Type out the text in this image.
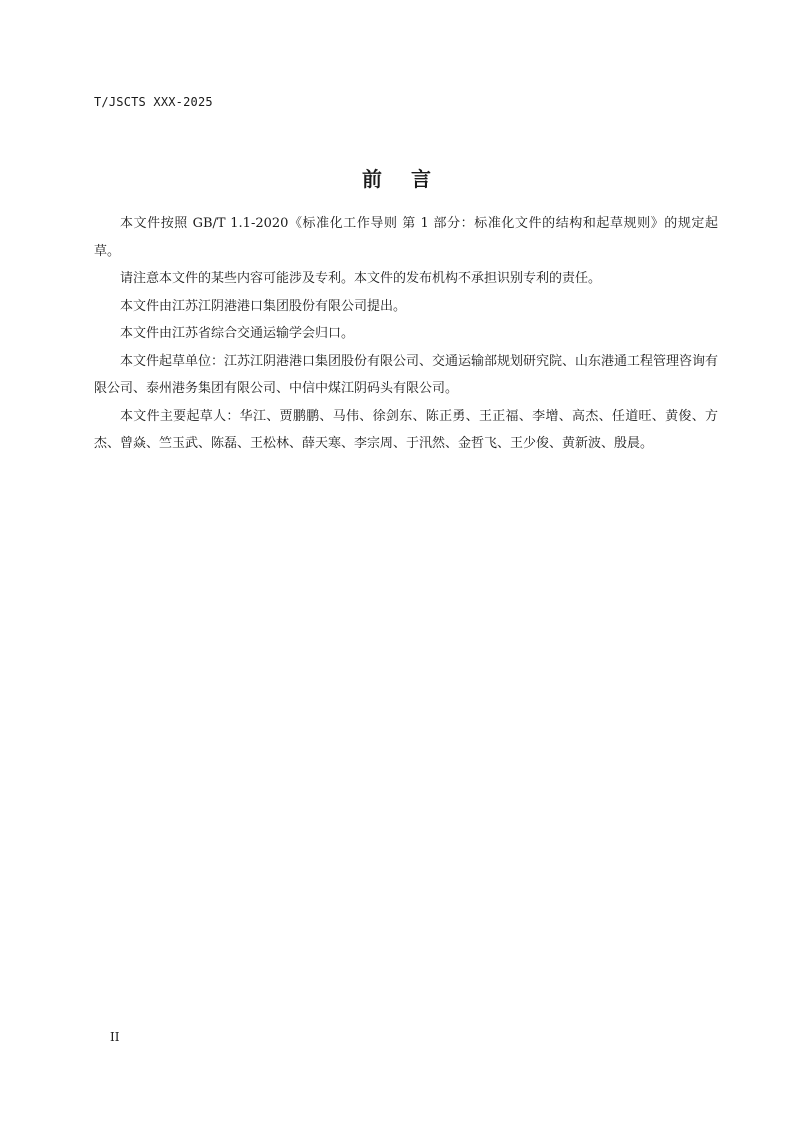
T/JSCTS XXX-2025
前 言

本文件按照 GB/T 1.1-2020《标准化工作导则 第 1 部分：标准化文件的结构和起草规则》的规定起草。

请注意本文件的某些内容可能涉及专利。本文件的发布机构不承担识别专利的责任。

本文件由江苏江阴港港口集团股份有限公司提出。

本文件由江苏省综合交通运输学会归口。

本文件起草单位：江苏江阴港港口集团股份有限公司、交通运输部规划研究院、山东港通工程管理咨询有限公司、泰州港务集团有限公司、中信中煤江阴码头有限公司。

本文件主要起草人：华江、贾鹏鹏、马伟、徐剑东、陈正勇、王正福、李增、高杰、任道旺、黄俊、方杰、曾焱、竺玉武、陈磊、王松林、薛天寒、李宗周、于汛然、金哲飞、王少俊、黄新波、殷晨。

II
